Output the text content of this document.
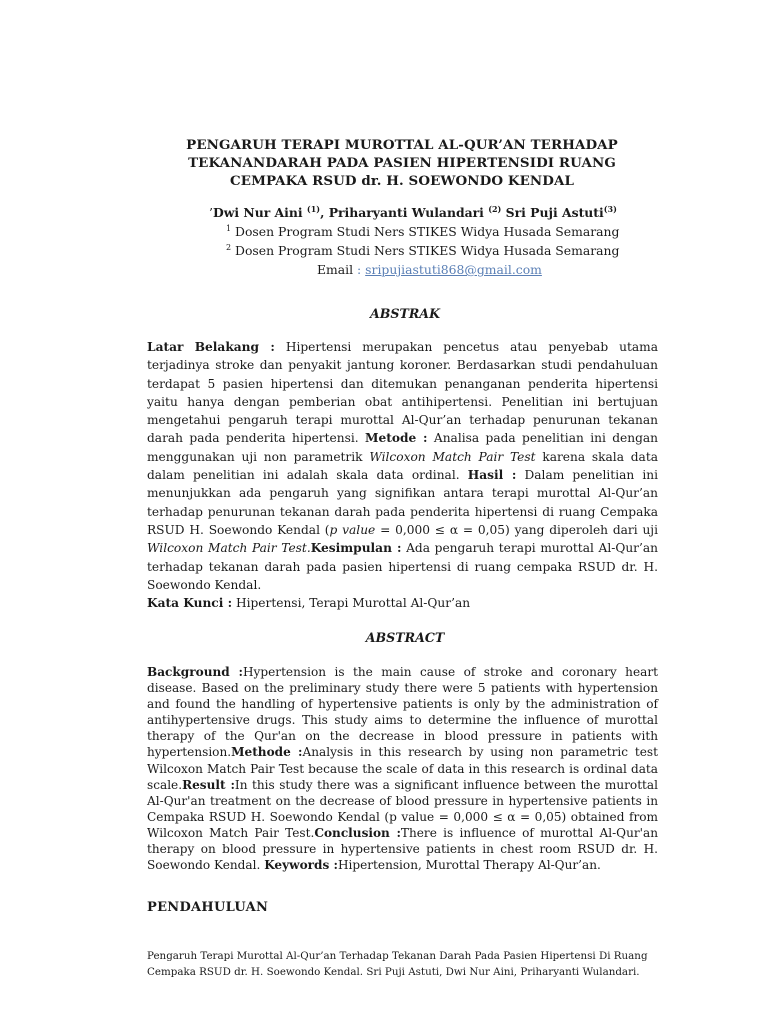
PENGARUH TERAPI MUROTTAL AL-QUR’AN TERHADAP
TEKANANDARAH PADA PASIEN HIPERTENSIDI RUANG
CEMPAKA RSUD dr. H. SOEWONDO KENDAL
’Dwi Nur Aini $^{(1)}$, Priharyanti Wulandari $^{(2)}$ Sri Puji Astuti$^{(3)}$
$^1$ Dosen Program Studi Ners STIKES Widya Husada Semarang
$^2$ Dosen Program Studi Ners STIKES Widya Husada Semarang
Email : sripujiastuti868@gmail.com
ABSTRAK
Latar Belakang : Hipertensi merupakan pencetus atau penyebab utama terjadinya stroke dan penyakit jantung koroner. Berdasarkan studi pendahuluan terdapat 5 pasien hipertensi dan ditemukan penanganan penderita hipertensi yaitu hanya dengan pemberian obat antihipertensi. Penelitian ini bertujuan mengetahui pengaruh terapi murottal Al-Qur’an terhadap penurunan tekanan darah pada penderita hipertensi. Metode : Analisa pada penelitian ini dengan menggunakan uji non parametrik Wilcoxon Match Pair Test karena skala data dalam penelitian ini adalah skala data ordinal. Hasil : Dalam penelitian ini menunjukkan ada pengaruh yang signifikan antara terapi murottal Al-Qur’an terhadap penurunan tekanan darah pada penderita hipertensi di ruang Cempaka RSUD H. Soewondo Kendal (p value = 0,000 ≤ α = 0,05) yang diperoleh dari uji Wilcoxon Match Pair Test.Kesimpulan : Ada pengaruh terapi murottal Al-Qur’an terhadap tekanan darah pada pasien hipertensi di ruang cempaka RSUD dr. H. Soewondo Kendal.
Kata Kunci : Hipertensi, Terapi Murottal Al-Qur’an
ABSTRACT
Background :Hypertension is the main cause of stroke and coronary heart disease. Based on the preliminary study there were 5 patients with hypertension and found the handling of hypertensive patients is only by the administration of antihypertensive drugs. This study aims to determine the influence of murottal therapy of the Qur'an on the decrease in blood pressure in patients with hypertension.Methode :Analysis in this research by using non parametric test Wilcoxon Match Pair Test because the scale of data in this research is ordinal data scale.Result :In this study there was a significant influence between the murottal Al-Qur'an treatment on the decrease of blood pressure in hypertensive patients in Cempaka RSUD H. Soewondo Kendal (p value = 0,000 ≤ α = 0,05) obtained from Wilcoxon Match Pair Test.Conclusion :There is influence of murottal Al-Qur'an therapy on blood pressure in hypertensive patients in chest room RSUD dr. H. Soewondo Kendal. Keywords :Hipertension, Murottal Therapy Al-Qur’an.
PENDAHULUAN
Pengaruh Terapi Murottal Al-Qur’an Terhadap Tekanan Darah Pada Pasien Hipertensi Di Ruang
Cempaka RSUD dr. H. Soewondo Kendal. Sri Puji Astuti, Dwi Nur Aini, Priharyanti Wulandari.
